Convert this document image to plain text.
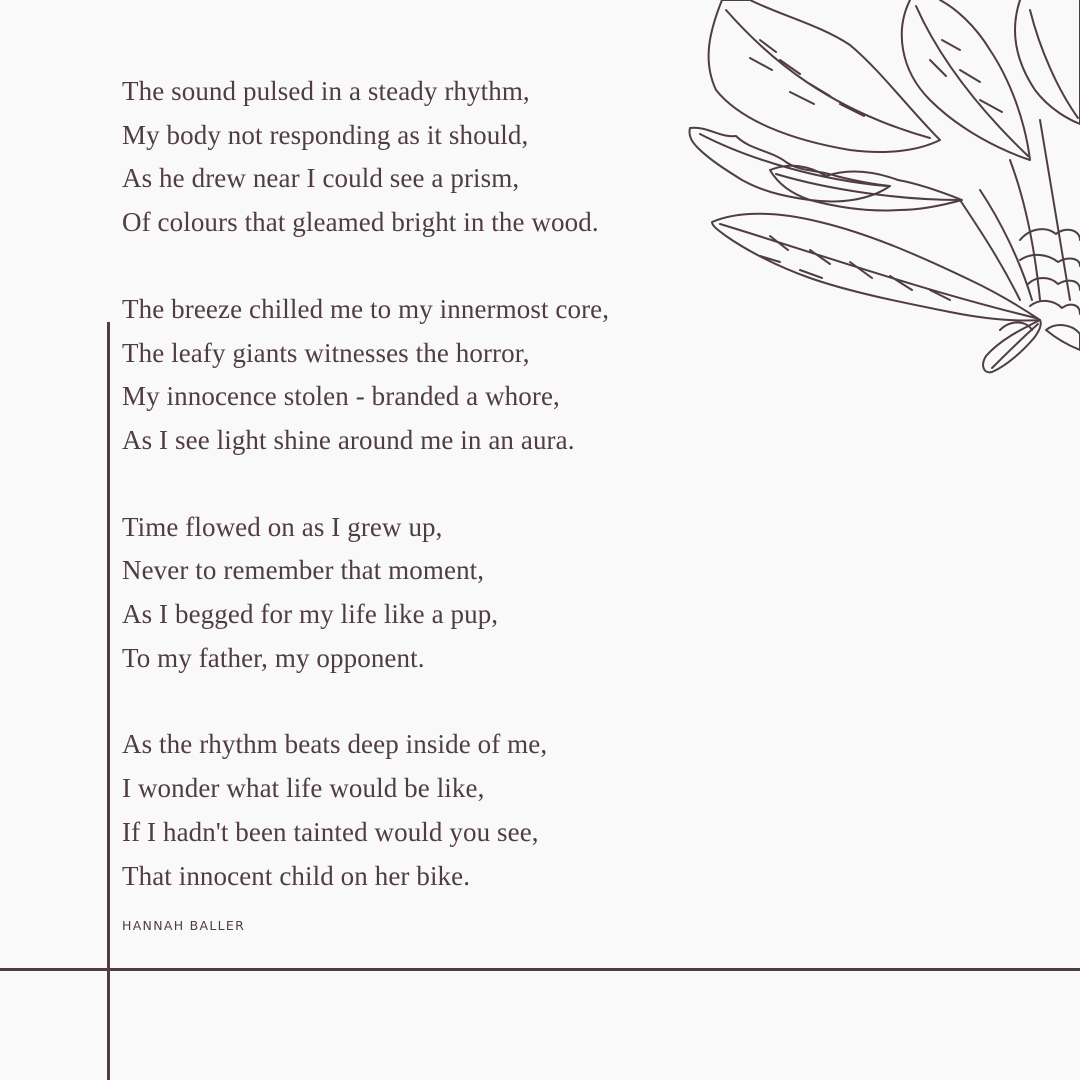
The sound pulsed in a steady rhythm,
My body not responding as it should,
As he drew near I could see a prism,
Of colours that gleamed bright in the wood.
The breeze chilled me to my innermost core,
The leafy giants witnesses the horror,
My innocence stolen - branded a whore,
As I see light shine around me in an aura.
Time flowed on as I grew up,
Never to remember that moment,
As I begged for my life like a pup,
To my father, my opponent.
As the rhythm beats deep inside of me,
I wonder what life would be like,
If I hadn't been tainted would you see,
That innocent child on her bike.
HANNAH BALLER
